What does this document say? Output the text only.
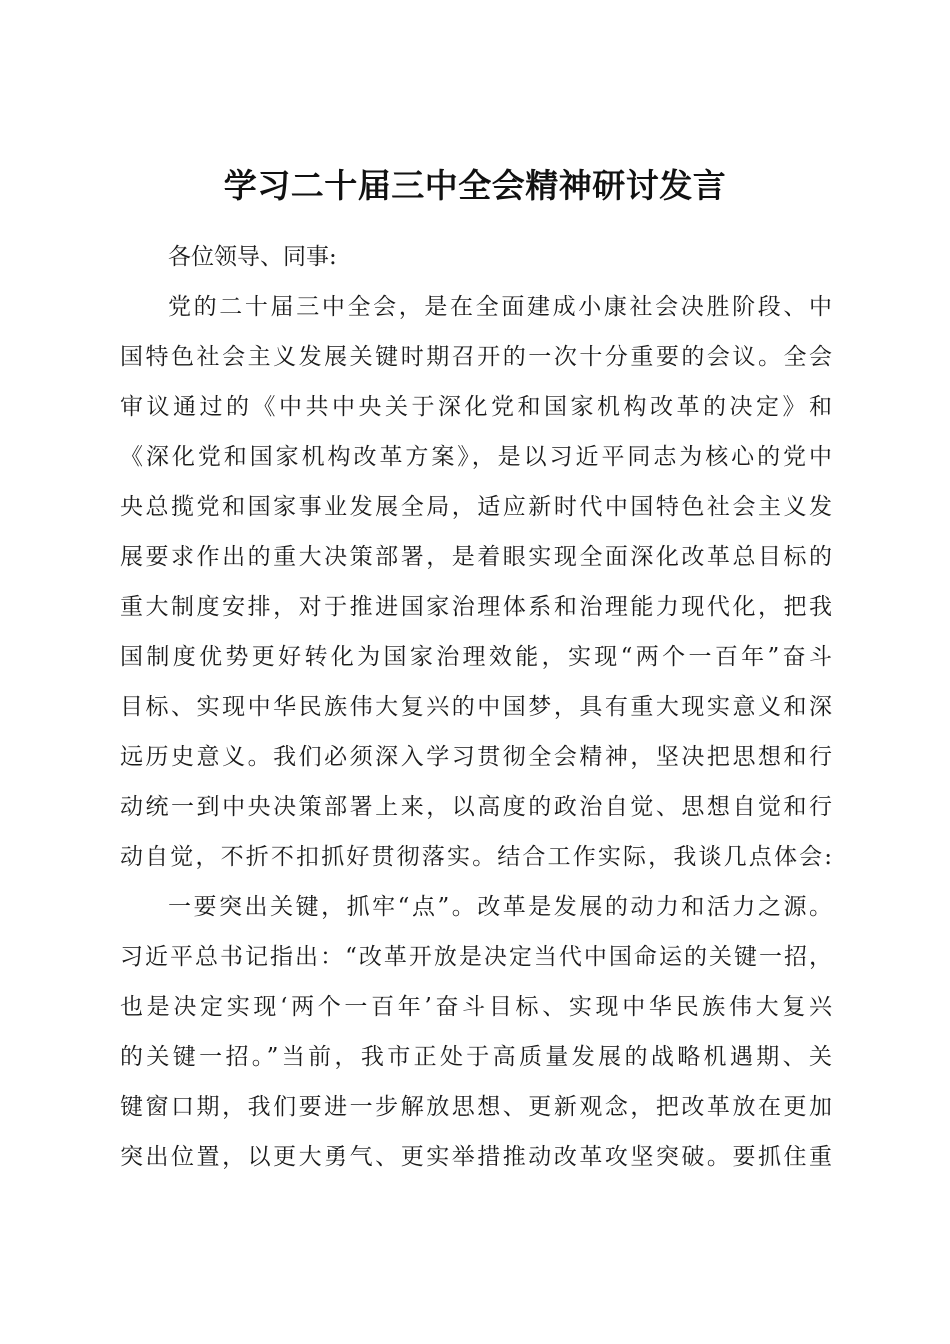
学习二十届三中全会精神研讨发言
各位领导、同事:
党的二十届三中全会，是在全面建成小康社会决胜阶段、中
国特色社会主义发展关键时期召开的一次十分重要的会议。全会
审议通过的《中共中央关于深化党和国家机构改革的决定》和
《深化党和国家机构改革方案》，是以习近平同志为核心的党中
央总揽党和国家事业发展全局，适应新时代中国特色社会主义发
展要求作出的重大决策部署，是着眼实现全面深化改革总目标的
重大制度安排，对于推进国家治理体系和治理能力现代化，把我
国制度优势更好转化为国家治理效能，实现“两个一百年”奋斗
目标、实现中华民族伟大复兴的中国梦，具有重大现实意义和深
远历史意义。我们必须深入学习贯彻全会精神，坚决把思想和行
动统一到中央决策部署上来，以高度的政治自觉、思想自觉和行
动自觉，不折不扣抓好贯彻落实。结合工作实际，我谈几点体会:
一要突出关键，抓牢“点”。改革是发展的动力和活力之源。
习近平总书记指出：“改革开放是决定当代中国命运的关键一招，
也是决定实现‘两个一百年’奋斗目标、实现中华民族伟大复兴
的关键一招。”当前，我市正处于高质量发展的战略机遇期、关
键窗口期，我们要进一步解放思想、更新观念，把改革放在更加
突出位置，以更大勇气、更实举措推动改革攻坚突破。要抓住重
